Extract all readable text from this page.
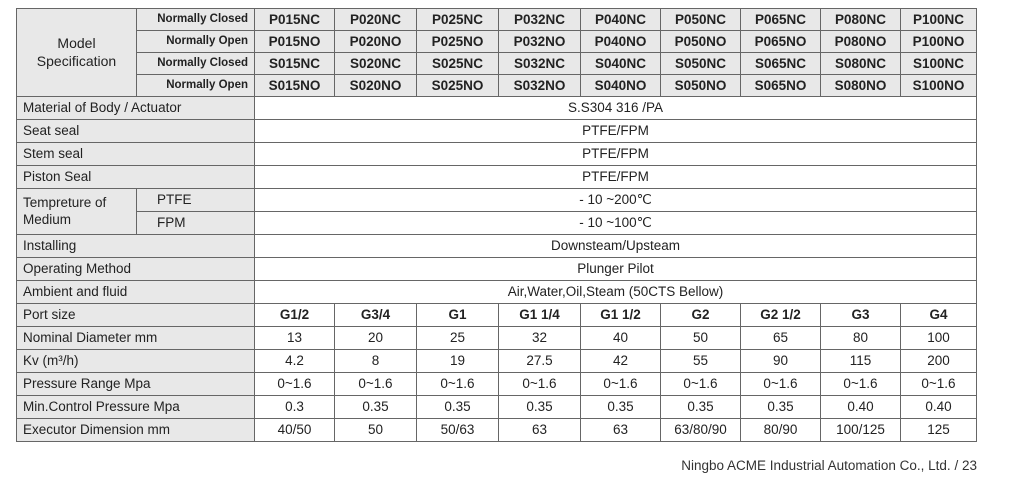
Model Specification	Normally Closed	P015NC	P020NC	P025NC	P032NC	P040NC	P050NC	P065NC	P080NC	P100NC
	Normally Open	P015NO	P020NO	P025NO	P032NO	P040NO	P050NO	P065NO	P080NO	P100NO
	Normally Closed	S015NC	S020NC	S025NC	S032NC	S040NC	S050NC	S065NC	S080NC	S100NC
	Normally Open	S015NO	S020NO	S025NO	S032NO	S040NO	S050NO	S065NO	S080NO	S100NO
Material of Body / Actuator		S.S304 316 /PA								
Seat seal		PTFE/FPM								
Stem seal		PTFE/FPM								
Piston Seal		PTFE/FPM								
Tempreture of Medium	PTFE	- 10 ~200℃								
	FPM	- 10 ~100℃								
Installing		Downsteam/Upsteam								
Operating Method		Plunger Pilot								
Ambient and fluid		Air,Water,Oil,Steam (50CTS Bellow)								
Port size		G1/2	G3/4	G1	G1 1/4	G1 1/2	G2	G2 1/2	G3	G4
Nominal Diameter mm		13	20	25	32	40	50	65	80	100
Kv (m³/h)		4.2	8	19	27.5	42	55	90	115	200
Pressure Range Mpa		0~1.6	0~1.6	0~1.6	0~1.6	0~1.6	0~1.6	0~1.6	0~1.6	0~1.6
Min.Control Pressure Mpa		0.3	0.35	0.35	0.35	0.35	0.35	0.35	0.40	0.40
Executor Dimension mm		40/50	50	50/63	63	63	63/80/90	80/90	100/125	125
Ningbo ACME Industrial Automation Co., Ltd. / 23
